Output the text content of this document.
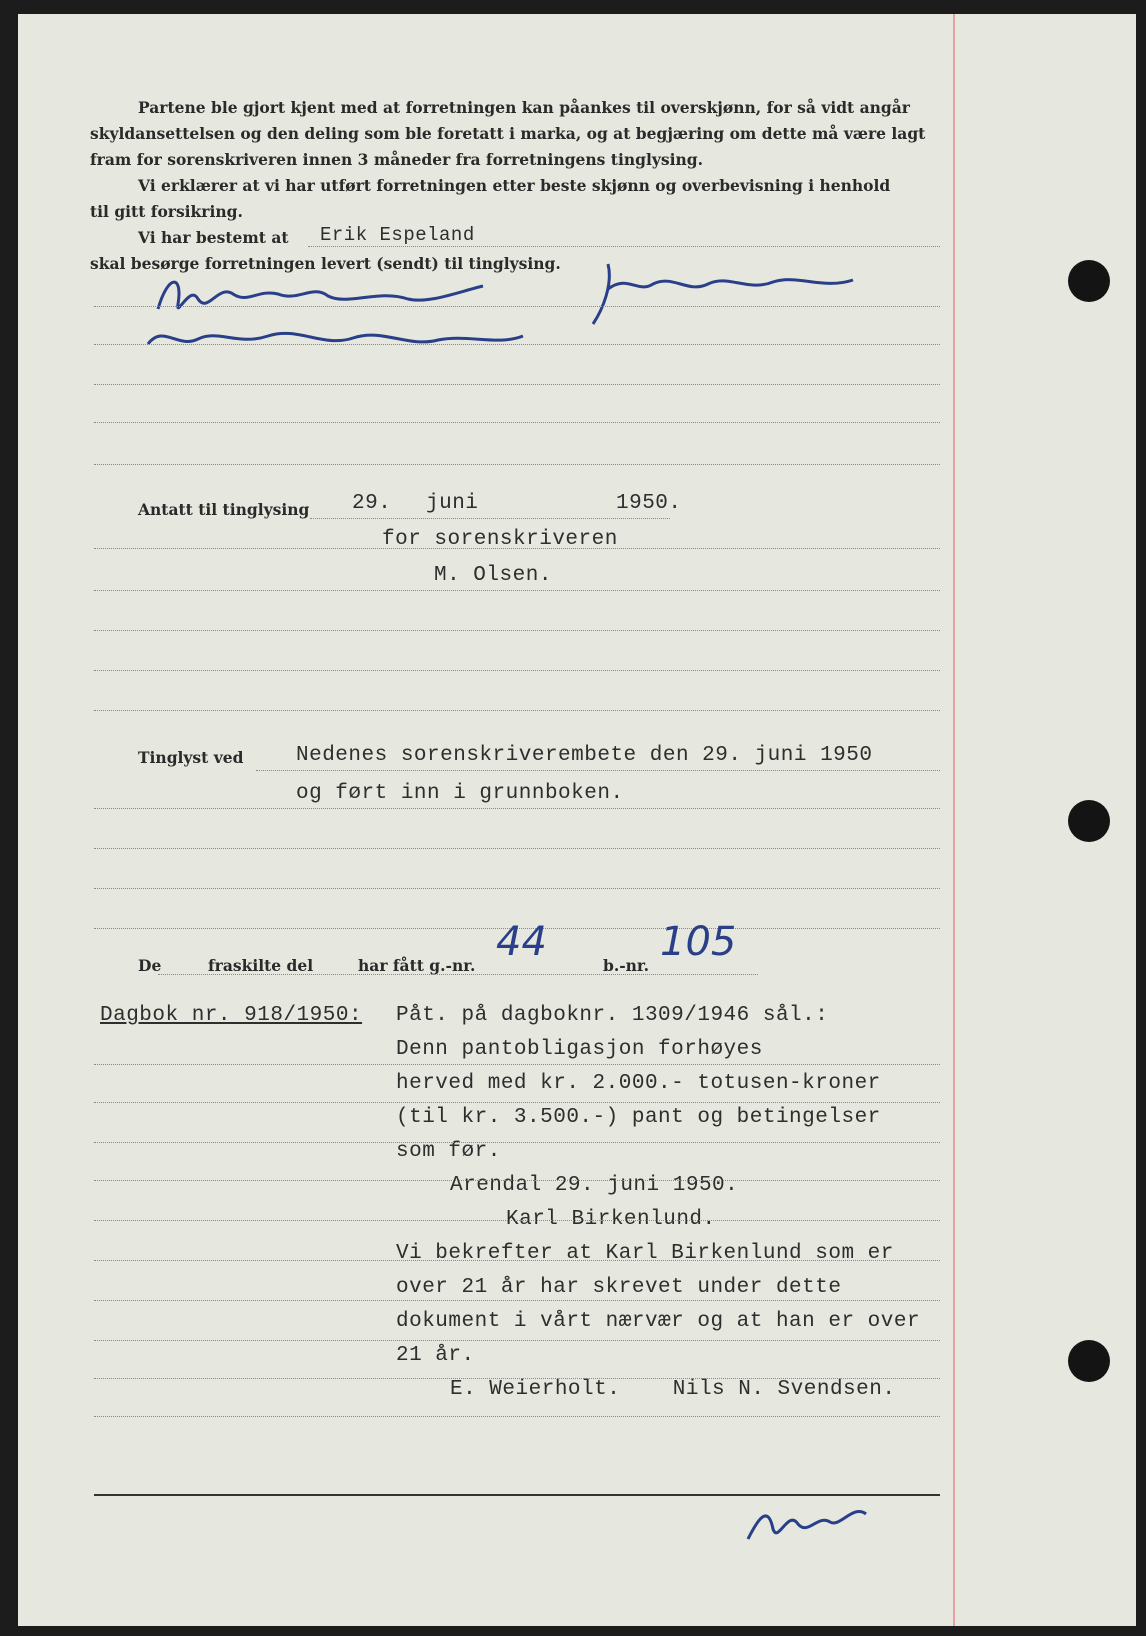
Partene ble gjort kjent med at forretningen kan påankes til overskjønn, for så vidt angår
skyldansettelsen og den deling som ble foretatt i marka, og at begjæring om dette må være lagt
fram for sorenskriveren innen 3 måneder fra forretningens tinglysing.
Vi erklærer at vi har utført forretningen etter beste skjønn og overbevisning i henhold
til gitt forsikring.
Vi har bestemt at Erik Espeland
skal besørge forretningen levert (sendt) til tinglysing.
Antatt til tinglysing 29. juni	1950.
for sorenskriveren
M. Olsen.
Tinglyst ved	Nedenes sorenskriverembete den 29. juni 1950
og ført inn i grunnboken.
De	fraskilte del	har fått g.-nr.
44
b.-nr.
105
Dagbok nr. 918/1950: Påt. på dagboknr. 1309/1946 sål.:
Denn pantobligasjon forhøyes
herved med kr. 2.000.- totusen-kroner
(til kr. 3.500.-) pant og betingelser
som før.
Arendal 29. juni 1950.
Karl Birkenlund.
Vi bekrefter at Karl Birkenlund som er
over 21 år har skrevet under dette
dokument i vårt nærvær og at han er over
21 år.
E. Weierholt.    Nils N. Svendsen.
